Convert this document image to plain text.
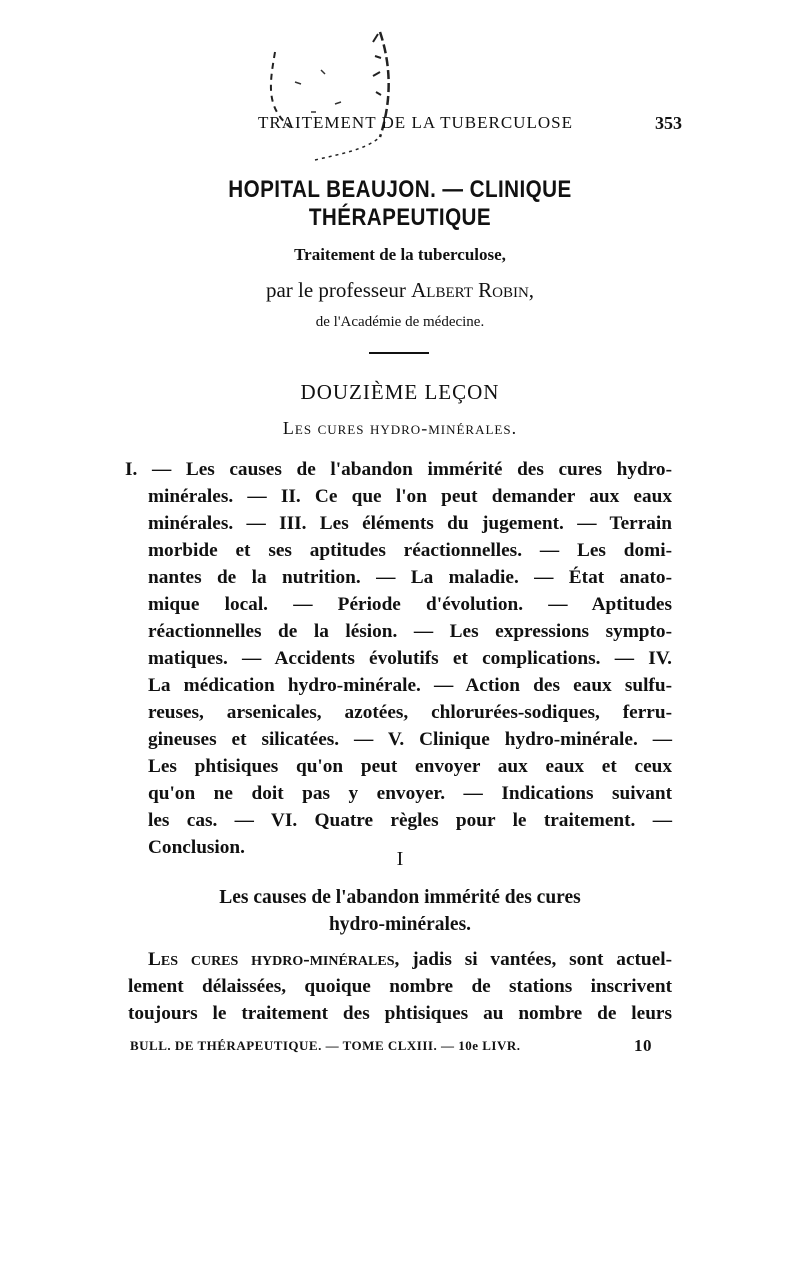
TRAITEMENT DE LA TUBERCULOSE	353
HOPITAL BEAUJON. — CLINIQUE THÉRAPEUTIQUE
Traitement de la tuberculose,
par le professeur Albert Robin,
de l'Académie de médecine.
DOUZIÈME LEÇON
Les cures hydro-minérales.
I. — Les causes de l'abandon immérité des cures hydro-
minérales. — II. Ce que l'on peut demander aux eaux
minérales. — III. Les éléments du jugement. — Terrain
morbide et ses aptitudes réactionnelles. — Les domi-
nantes de la nutrition. — La maladie. — État anato-
mique local. — Période d'évolution. — Aptitudes
réactionnelles de la lésion. — Les expressions sympto-
matiques. — Accidents évolutifs et complications. — IV.
La médication hydro-minérale. — Action des eaux sulfu-
reuses, arsenicales, azotées, chlorurées-sodiques, ferru-
gineuses et silicatées. — V. Clinique hydro-minérale. —
Les phtisiques qu'on peut envoyer aux eaux et ceux
qu'on ne doit pas y envoyer. — Indications suivant
les cas. — VI. Quatre règles pour le traitement. —
Conclusion.
I
Les causes de l'abandon immérité des cures
hydro-minérales.
Les cures hydro-minérales, jadis si vantées, sont actuel-
lement délaissées, quoique nombre de stations inscrivent
toujours le traitement des phtisiques au nombre de leurs
BULL. DE THÉRAPEUTIQUE. — TOME CLXIII. — 10e LIVR.	10
